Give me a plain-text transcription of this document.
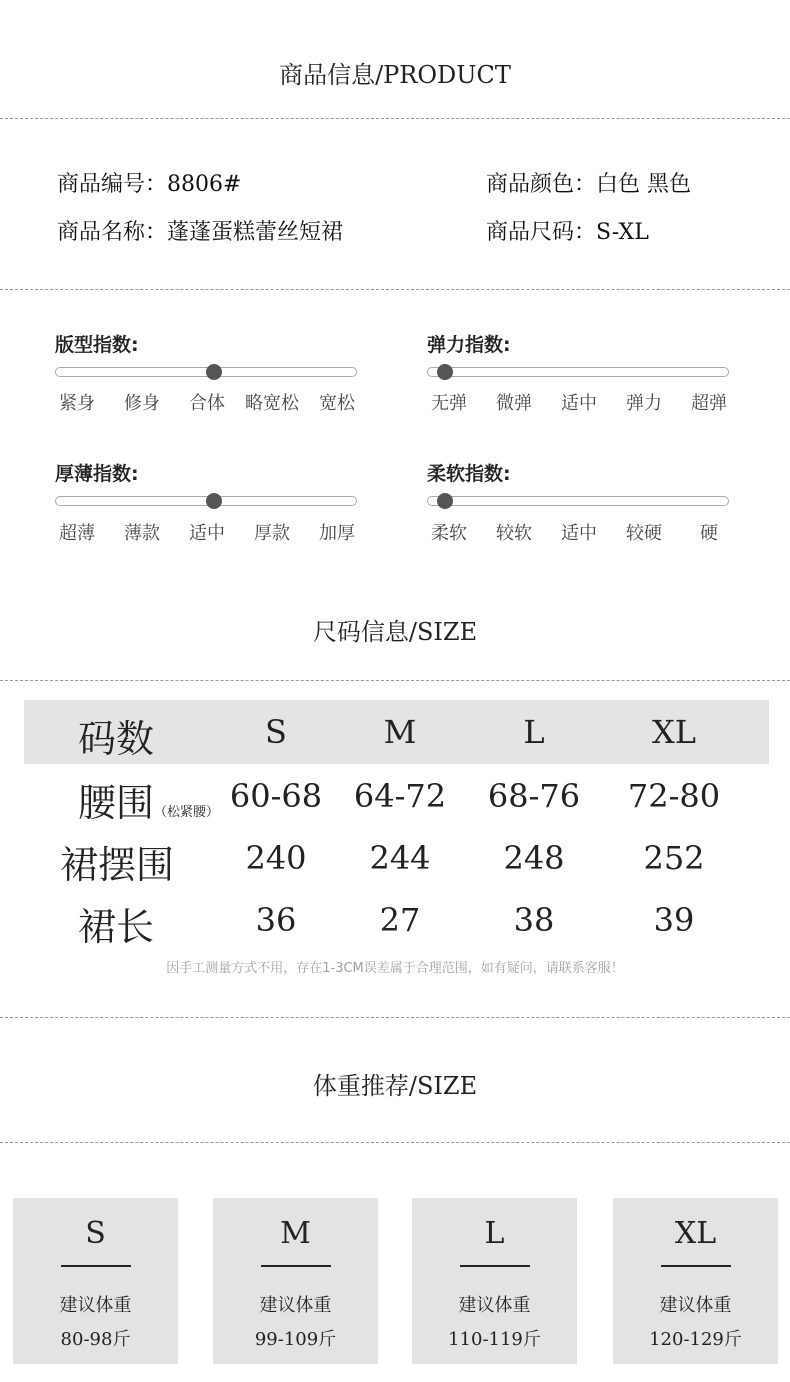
商品信息/PRODUCT
商品编号：8806#
商品名称：蓬蓬蛋糕蕾丝短裙
商品颜色：白色 黑色
商品尺码：S-XL
版型指数:
紧身 修身 合体 略宽松 宽松
弹力指数:
无弹 微弹 适中 弹力 超弹
厚薄指数:
超薄 薄款 适中 厚款 加厚
柔软指数:
柔软 较软 适中 较硬 硬
尺码信息/SIZE
码数	S	M	L	XL
腰围（松紧腰） 60-68 64-72	68-76	72-80
裙摆围	240	244	248	252
裙长	36	27	38	39
因手工测量方式不用，存在1-3CM误差属于合理范围，如有疑问，请联系客服！
体重推荐/SIZE
S
建议体重
80-98斤
M
建议体重
99-109斤
L
建议体重
110-119斤
XL
建议体重
120-129斤
